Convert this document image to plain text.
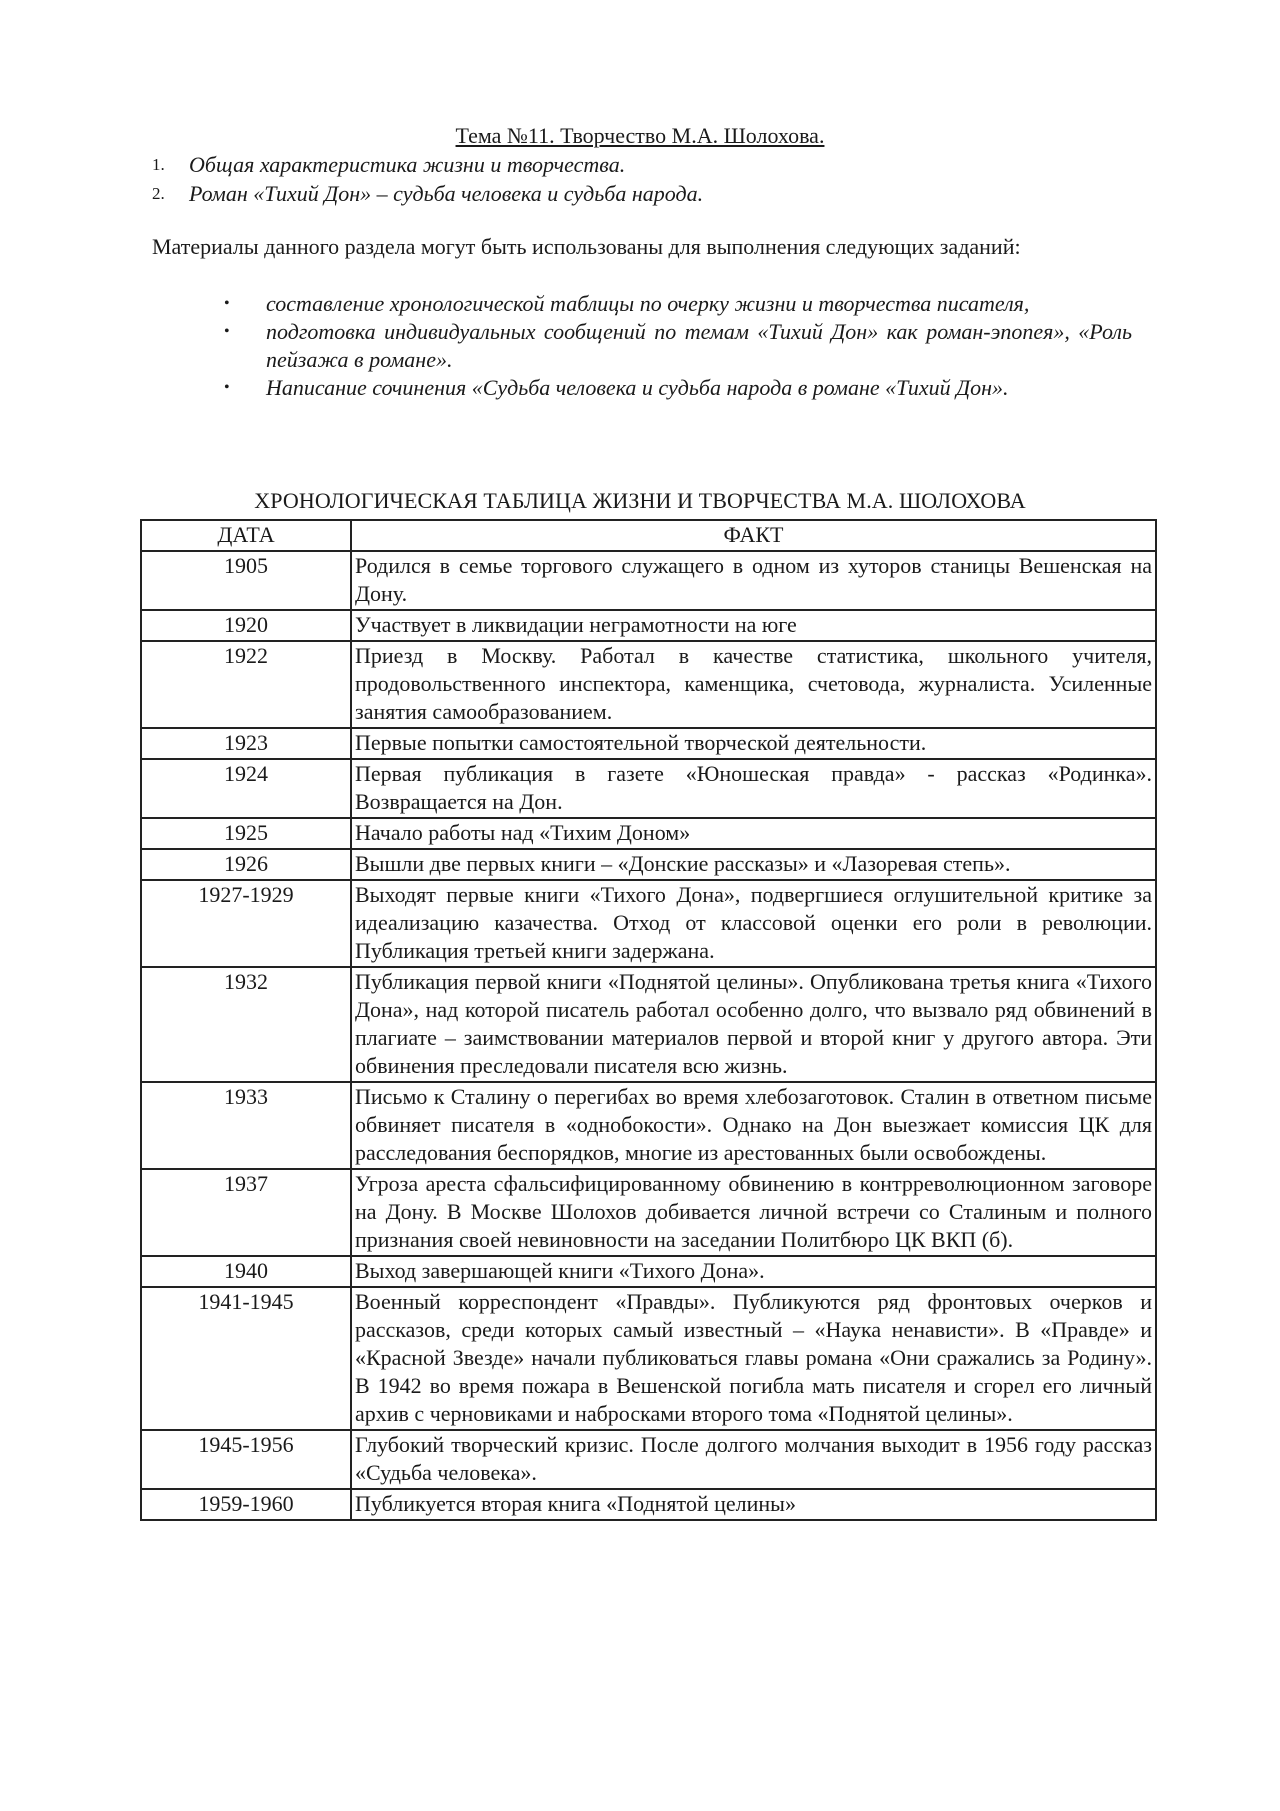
Тема №11. Творчество М.А. Шолохова.
1.	Общая характеристика жизни и творчества.
2.	Роман «Тихий Дон» – судьба человека и судьба народа.
Материалы данного раздела могут быть использованы для выполнения следующих заданий:
•	составление хронологической таблицы по очерку жизни и творчества писателя,
•	подготовка индивидуальных сообщений по темам «Тихий Дон» как роман-эпопея», «Роль пейзажа в романе».
•	Написание сочинения «Судьба человека и судьба народа в романе «Тихий Дон».
ХРОНОЛОГИЧЕСКАЯ ТАБЛИЦА ЖИЗНИ И ТВОРЧЕСТВА М.А. ШОЛОХОВА
ДАТА	ФАКТ
1905	Родился в семье торгового служащего в одном из хуторов станицы Вешенская на Дону.
1920	Участвует в ликвидации неграмотности на юге
1922	Приезд в Москву. Работал в качестве статистика, школьного учителя, продовольственного инспектора, каменщика, счетовода, журналиста. Усиленные занятия самообразованием.
1923	Первые попытки самостоятельной творческой деятельности.
1924	Первая публикация в газете «Юношеская правда» - рассказ «Родинка». Возвращается на Дон.
1925	Начало работы над «Тихим Доном»
1926	Вышли две первых книги – «Донские рассказы» и «Лазоревая степь».
1927-1929	Выходят первые книги «Тихого Дона», подвергшиеся оглушительной критике за идеализацию казачества. Отход от классовой оценки его роли в революции. Публикация третьей книги задержана.
1932	Публикация первой книги «Поднятой целины». Опубликована третья книга «Тихого Дона», над которой писатель работал особенно долго, что вызвало ряд обвинений в плагиате – заимствовании материалов первой и второй книг у другого автора. Эти обвинения преследовали писателя всю жизнь.
1933	Письмо к Сталину о перегибах во время хлебозаготовок. Сталин в ответном письме обвиняет писателя в «однобокости». Однако на Дон выезжает комиссия ЦК для расследования беспорядков, многие из арестованных были освобождены.
1937	Угроза ареста сфальсифицированному обвинению в контрреволюционном заговоре на Дону. В Москве Шолохов добивается личной встречи со Сталиным и полного признания своей невиновности на заседании Политбюро ЦК ВКП (б).
1940	Выход завершающей книги «Тихого Дона».
1941-1945	Военный корреспондент «Правды». Публикуются ряд фронтовых очерков и рассказов, среди которых самый известный – «Наука ненависти». В «Правде» и «Красной Звезде» начали публиковаться главы романа «Они сражались за Родину». В 1942 во время пожара в Вешенской погибла мать писателя и сгорел его личный архив с черновиками и набросками второго тома «Поднятой целины».
1945-1956	Глубокий творческий кризис. После долгого молчания выходит в 1956 году рассказ «Судьба человека».
1959-1960	Публикуется вторая книга «Поднятой целины»
